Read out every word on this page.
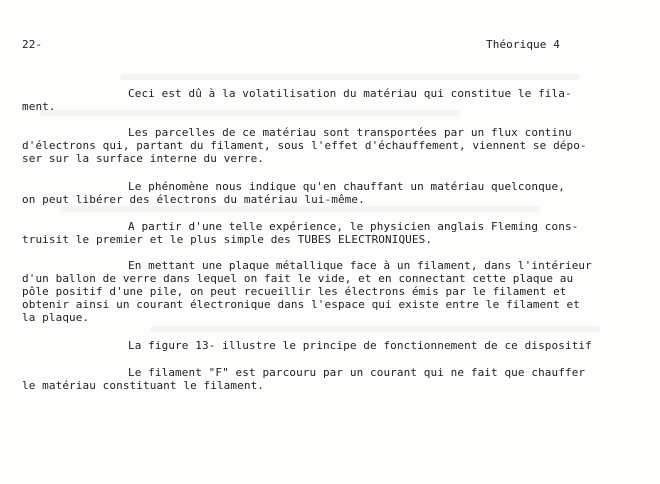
22-	Théorique 4
Ceci est dû à la volatilisation du matériau qui constitue le fila-
ment.
Les parcelles de ce matériau sont transportées par un flux continu
d'électrons qui, partant du filament, sous l'effet d'échauffement, viennent se dépo-
ser sur la surface interne du verre.
Le phénomène nous indique qu'en chauffant un matériau quelconque,
on peut libérer des électrons du matériau lui-même.
A partir d'une telle expérience, le physicien anglais Fleming cons-
truisit le premier et le plus simple des TUBES ELECTRONIQUES.
En mettant une plaque métallique face à un filament, dans l'intérieur
d'un ballon de verre dans lequel on fait le vide, et en connectant cette plaque au
pôle positif d'une pile, on peut recueillir les électrons émis par le filament et
obtenir ainsi un courant électronique dans l'espace qui existe entre le filament et
la plaque.
La figure 13- illustre le principe de fonctionnement de ce dispositif
Le filament "F" est parcouru par un courant qui ne fait que chauffer
le matériau constituant le filament.
